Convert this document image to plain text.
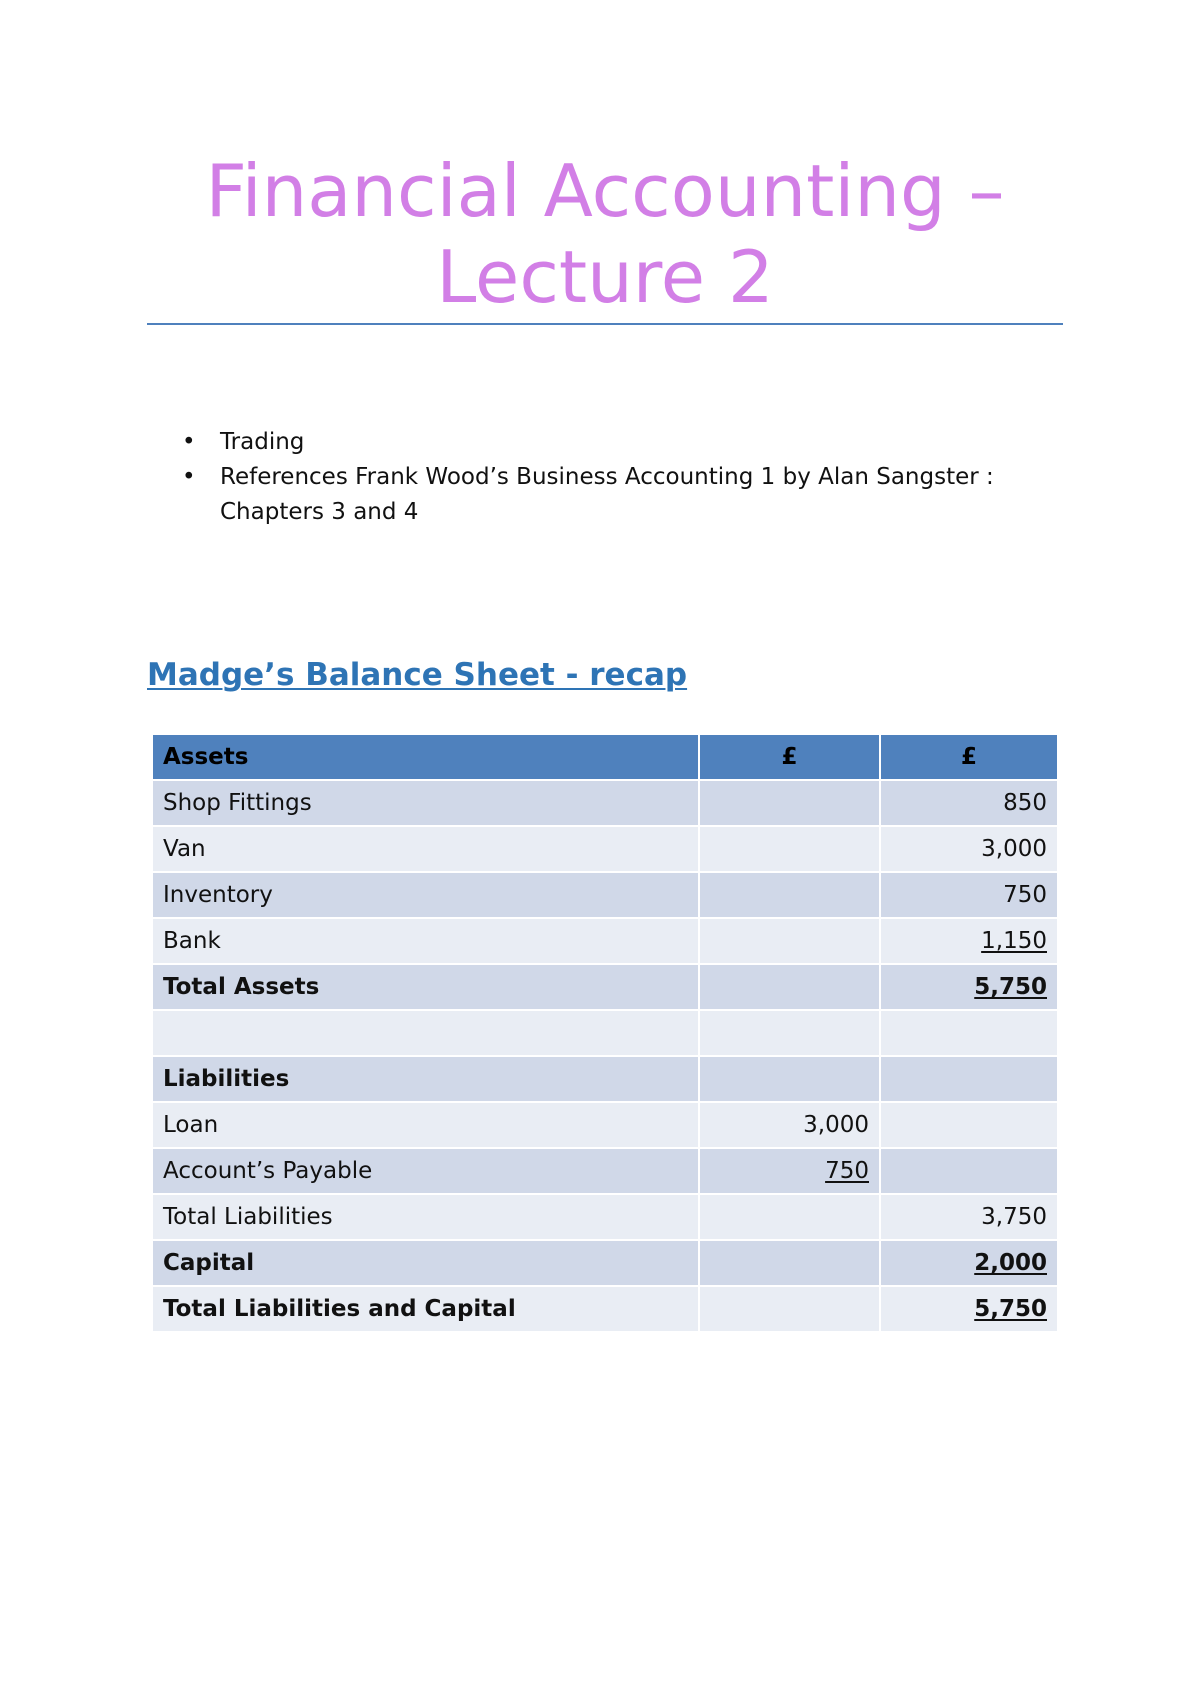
Financial Accounting –
Lecture 2
• Trading
• References Frank Wood’s Business Accounting 1 by Alan Sangster : Chapters 3 and 4
Madge’s Balance Sheet - recap
Assets	£	£
Shop Fittings		850
Van		3,000
Inventory		750
Bank		1,150
Total Assets		5,750

Liabilities		
Loan	3,000	
Account’s Payable	750	
Total Liabilities		3,750
Capital		2,000
Total Liabilities and Capital		5,750
